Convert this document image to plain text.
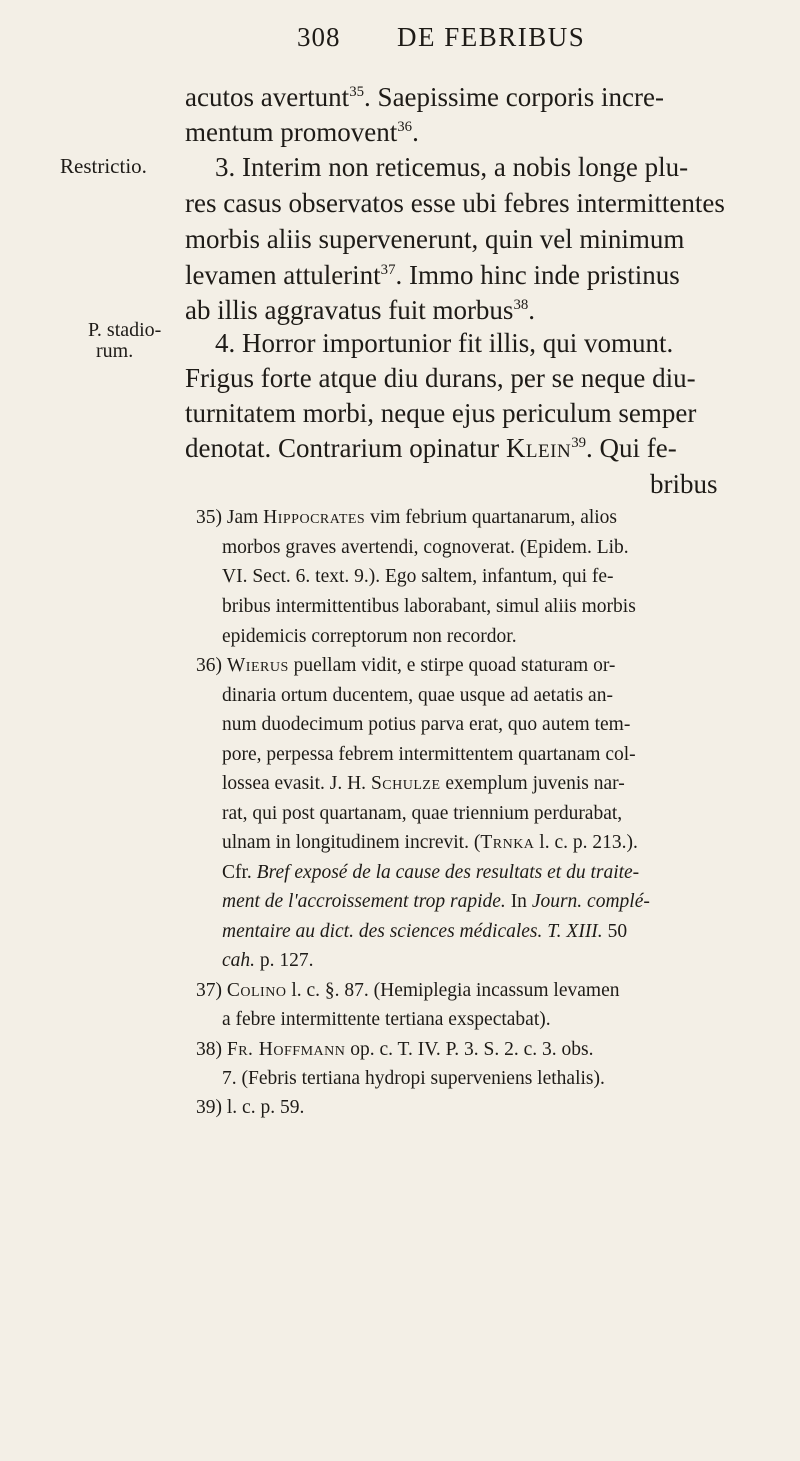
308 DE FEBRIBUS
Restrictio.
P. stadio-
rum.
acutos avertunt$^{35}$. Saepissime corporis incre-
mentum promovent$^{36}$.
3. Interim non reticemus, a nobis longe plu-
res casus observatos esse ubi febres intermittentes
morbis aliis supervenerunt, quin vel minimum
levamen attulerint$^{37}$. Immo hinc inde pristinus
ab illis aggravatus fuit morbus$^{38}$.
4. Horror importunior fit illis, qui vomunt.
Frigus forte atque diu durans, per se neque diu-
turnitatem morbi, neque ejus periculum semper
denotat. Contrarium opinatur Klein$^{39}$. Qui fe-
bribus
35) Jam Hippocrates vim febrium quartanarum, alios
morbos graves avertendi, cognoverat. (Epidem. Lib.
VI. Sect. 6. text. 9.). Ego saltem, infantum, qui fe-
bribus intermittentibus laborabant, simul aliis morbis
epidemicis correptorum non recordor.
36) Wierus puellam vidit, e stirpe quoad staturam or-
dinaria ortum ducentem, quae usque ad aetatis an-
num duodecimum potius parva erat, quo autem tem-
pore, perpessa febrem intermittentem quartanam col-
lossea evasit. J. H. Schulze exemplum juvenis nar-
rat, qui post quartanam, quae triennium perdurabat,
ulnam in longitudinem increvit. (Trnka l. c. p. 213.).
Cfr. Bref exposé de la cause des resultats et du traite-
ment de l'accroissement trop rapide. In Journ. complé-
mentaire au dict. des sciences médicales. T. XIII. 50
cah. p. 127.
37) Colino l. c. §. 87. (Hemiplegia incassum levamen
a febre intermittente tertiana exspectabat).
38) Fr. Hoffmann op. c. T. IV. P. 3. S. 2. c. 3. obs.
7. (Febris tertiana hydropi superveniens lethalis).
39) l. c. p. 59.
